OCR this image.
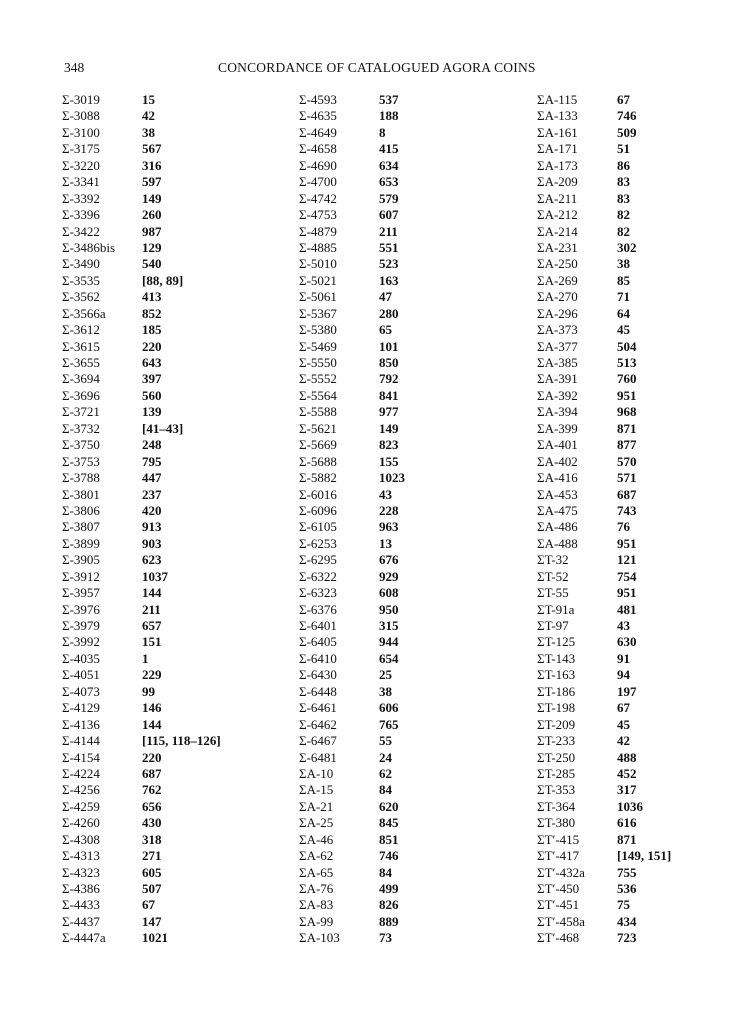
348	CONCORDANCE OF CATALOGUED AGORA COINS
Σ-3019	15
Σ-3088	42
Σ-3100	38
Σ-3175	567
Σ-3220	316
Σ-3341	597
Σ-3392	149
Σ-3396	260
Σ-3422	987
Σ-3486bis	129
Σ-3490	540
Σ-3535	[88, 89]
Σ-3562	413
Σ-3566a	852
Σ-3612	185
Σ-3615	220
Σ-3655	643
Σ-3694	397
Σ-3696	560
Σ-3721	139
Σ-3732	[41–43]
Σ-3750	248
Σ-3753	795
Σ-3788	447
Σ-3801	237
Σ-3806	420
Σ-3807	913
Σ-3899	903
Σ-3905	623
Σ-3912	1037
Σ-3957	144
Σ-3976	211
Σ-3979	657
Σ-3992	151
Σ-4035	1
Σ-4051	229
Σ-4073	99
Σ-4129	146
Σ-4136	144
Σ-4144	[115, 118–126]
Σ-4154	220
Σ-4224	687
Σ-4256	762
Σ-4259	656
Σ-4260	430
Σ-4308	318
Σ-4313	271
Σ-4323	605
Σ-4386	507
Σ-4433	67
Σ-4437	147
Σ-4447a	1021
Σ-4593	537
Σ-4635	188
Σ-4649	8
Σ-4658	415
Σ-4690	634
Σ-4700	653
Σ-4742	579
Σ-4753	607
Σ-4879	211
Σ-4885	551
Σ-5010	523
Σ-5021	163
Σ-5061	47
Σ-5367	280
Σ-5380	65
Σ-5469	101
Σ-5550	850
Σ-5552	792
Σ-5564	841
Σ-5588	977
Σ-5621	149
Σ-5669	823
Σ-5688	155
Σ-5882	1023
Σ-6016	43
Σ-6096	228
Σ-6105	963
Σ-6253	13
Σ-6295	676
Σ-6322	929
Σ-6323	608
Σ-6376	950
Σ-6401	315
Σ-6405	944
Σ-6410	654
Σ-6430	25
Σ-6448	38
Σ-6461	606
Σ-6462	765
Σ-6467	55
Σ-6481	24
ΣA-10	62
ΣA-15	84
ΣA-21	620
ΣA-25	845
ΣA-46	851
ΣA-62	746
ΣA-65	84
ΣA-76	499
ΣA-83	826
ΣA-99	889
ΣA-103	73
ΣA-115	67
ΣA-133	746
ΣA-161	509
ΣA-171	51
ΣA-173	86
ΣA-209	83
ΣA-211	83
ΣA-212	82
ΣA-214	82
ΣA-231	302
ΣA-250	38
ΣA-269	85
ΣA-270	71
ΣA-296	64
ΣA-373	45
ΣA-377	504
ΣA-385	513
ΣA-391	760
ΣA-392	951
ΣA-394	968
ΣA-399	871
ΣA-401	877
ΣA-402	570
ΣA-416	571
ΣA-453	687
ΣA-475	743
ΣA-486	76
ΣA-488	951
ΣT-32	121
ΣT-52	754
ΣT-55	951
ΣT-91a	481
ΣT-97	43
ΣT-125	630
ΣT-143	91
ΣT-163	94
ΣT-186	197
ΣT-198	67
ΣT-209	45
ΣT-233	42
ΣT-250	488
ΣT-285	452
ΣT-353	317
ΣT-364	1036
ΣT-380	616
ΣT′-415	871
ΣT′-417	[149, 151]
ΣT′-432a	755
ΣT′-450	536
ΣT′-451	75
ΣT′-458a	434
ΣT′-468	723
